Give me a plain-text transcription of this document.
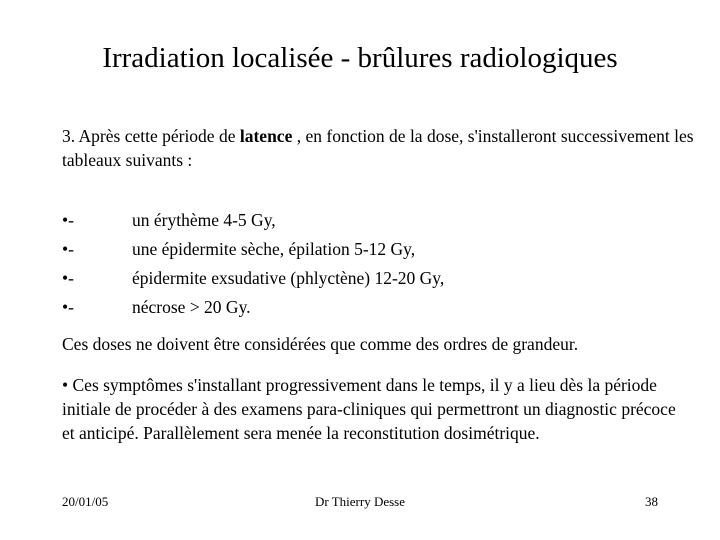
Irradiation localisée - brûlures radiologiques
3. Après cette période de latence , en fonction de la dose, s'installeront successivement les tableaux suivants :
•-	un érythème 4-5 Gy,
•-	une épidermite sèche, épilation 5-12 Gy,
•-	épidermite exsudative (phlyctène) 12-20 Gy,
•-	nécrose > 20 Gy.
Ces doses ne doivent être considérées que comme des ordres de grandeur.
• Ces symptômes s'installant progressivement dans le temps, il y a lieu dès la période initiale de procéder à des examens para-cliniques qui permettront un diagnostic précoce et anticipé. Parallèlement sera menée la reconstitution dosimétrique.
20/01/05	Dr Thierry Desse	38
